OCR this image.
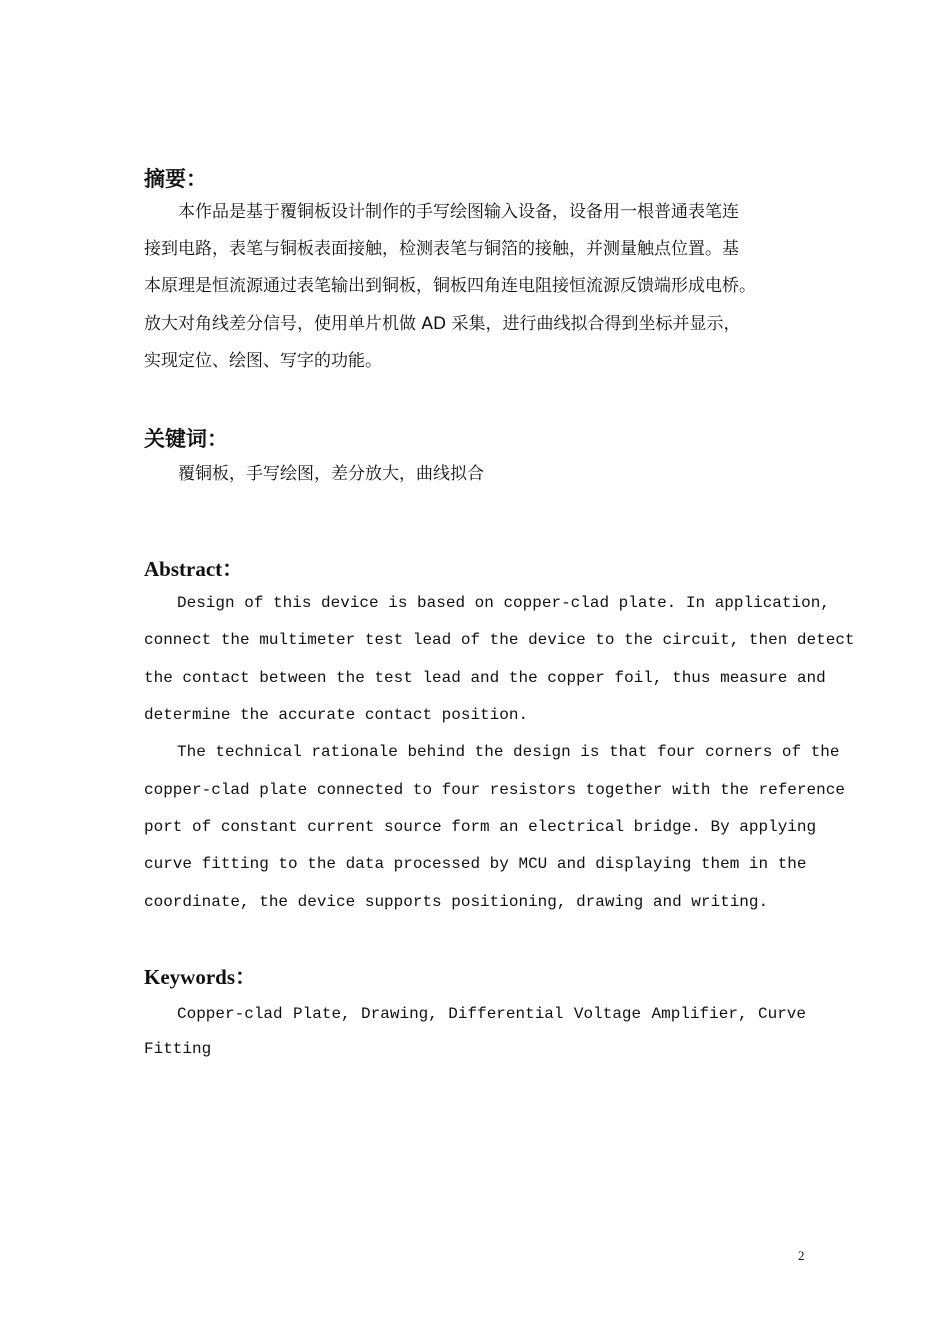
摘要：
本作品是基于覆铜板设计制作的手写绘图输入设备，设备用一根普通表笔连
接到电路，表笔与铜板表面接触，检测表笔与铜箔的接触，并测量触点位置。基
本原理是恒流源通过表笔输出到铜板，铜板四角连电阻接恒流源反馈端形成电桥。
放大对角线差分信号，使用单片机做 AD 采集，进行曲线拟合得到坐标并显示，
实现定位、绘图、写字的功能。
关键词：
覆铜板，手写绘图，差分放大，曲线拟合
Abstract：
Design of this device is based on copper-clad plate. In application,
connect the multimeter test lead of the device to the circuit, then detect
the contact between the test lead and the copper foil, thus measure and
determine the accurate contact position.
The technical rationale behind the design is that four corners of the
copper-clad plate connected to four resistors together with the reference
port of constant current source form an electrical bridge. By applying
curve fitting to the data processed by MCU and displaying them in the
coordinate, the device supports positioning, drawing and writing.
Keywords：
Copper-clad Plate, Drawing, Differential Voltage Amplifier, Curve
Fitting
2
